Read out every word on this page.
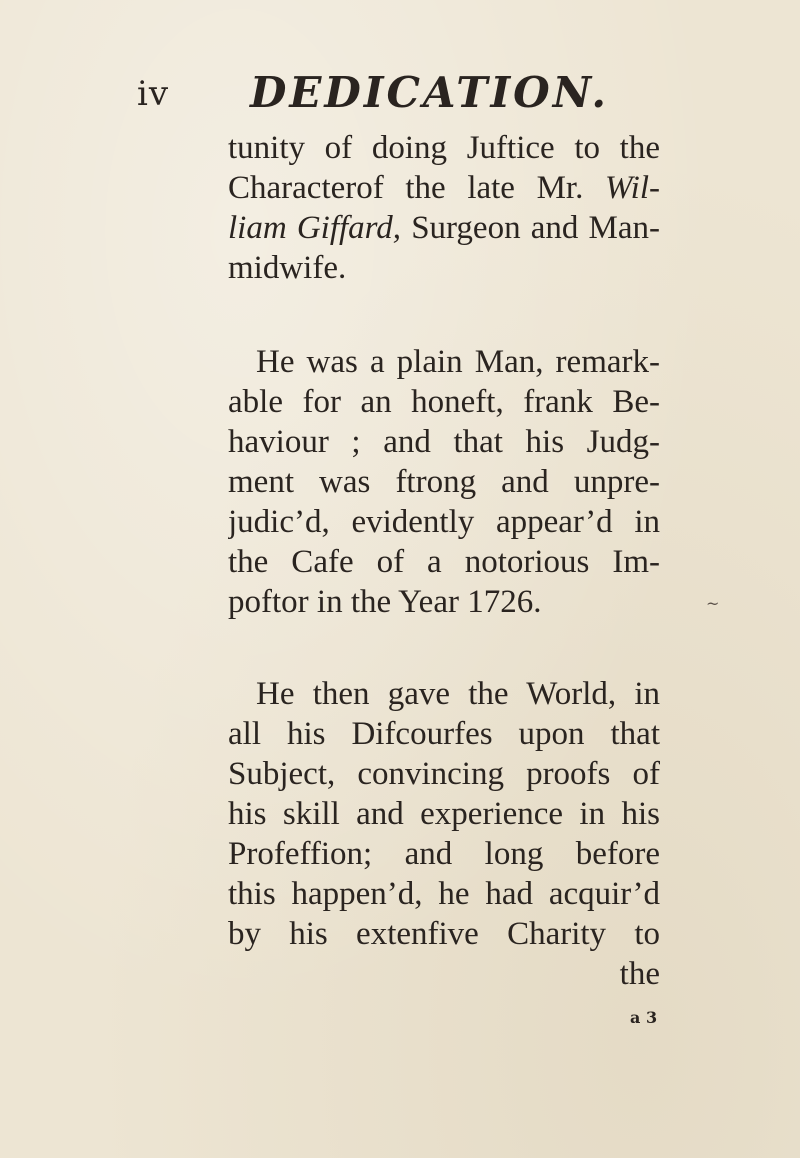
iv DEDICATION.
tunity of doing Juftice to the
Characterof the late Mr. Wil-
liam Giffard, Surgeon and Man-
midwife.
He was a plain Man, remark-
able for an honeft, frank Be-
haviour ; and that his Judg-
ment was ftrong and unpre-
judic’d, evidently appear’d in
the Cafe of a notorious Im-
poftor in the Year 1726.
He then gave the World, in
all his Difcourfes upon that
Subject, convincing proofs of
his skill and experience in his
Profeffion; and long before
this happen’d, he had acquir’d
by his extenfive Charity to
the
~
a 3
